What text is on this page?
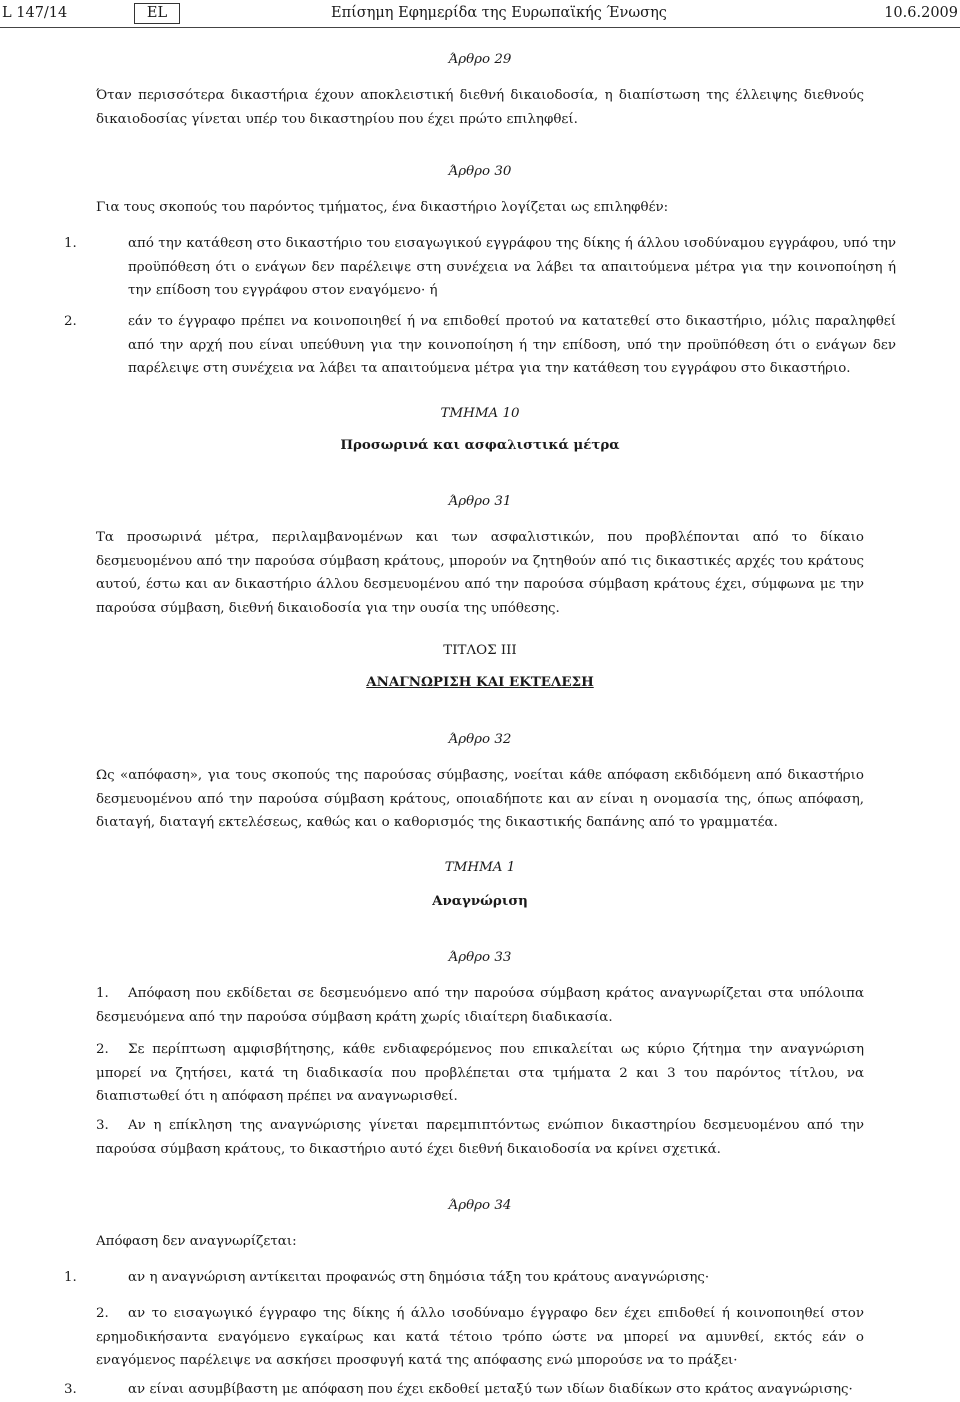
L 147/14	EL	Επίσημη Εφημερίδα της Ευρωπαϊκής Ένωσης	10.6.2009
Άρθρο 29
Όταν περισσότερα δικαστήρια έχουν αποκλειστική διεθνή δικαιοδοσία, η διαπίστωση της έλλειψης διεθνούς δικαιοδοσίας γίνεται υπέρ του δικαστηρίου που έχει πρώτο επιληφθεί.
Άρθρο 30
Για τους σκοπούς του παρόντος τμήματος, ένα δικαστήριο λογίζεται ως επιληφθέν:
1.	από την κατάθεση στο δικαστήριο του εισαγωγικού εγγράφου της δίκης ή άλλου ισοδύναμου εγγράφου, υπό την προϋπόθεση ότι ο ενάγων δεν παρέλειψε στη συνέχεια να λάβει τα απαιτούμενα μέτρα για την κοινοποίηση ή την επίδοση του εγγράφου στον εναγόμενο· ή
2.	εάν το έγγραφο πρέπει να κοινοποιηθεί ή να επιδοθεί προτού να κατατεθεί στο δικαστήριο, μόλις παραληφθεί από την αρχή που είναι υπεύθυνη για την κοινοποίηση ή την επίδοση, υπό την προϋπόθεση ότι ο ενάγων δεν παρέλειψε στη συνέχεια να λάβει τα απαιτούμενα μέτρα για την κατάθεση του εγγράφου στο δικαστήριο.
ΤΜΗΜΑ 10
Προσωρινά και ασφαλιστικά μέτρα
Άρθρο 31
Τα προσωρινά μέτρα, περιλαμβανομένων και των ασφαλιστικών, που προβλέπονται από το δίκαιο δεσμευομένου από την παρούσα σύμβαση κράτους, μπορούν να ζητηθούν από τις δικαστικές αρχές του κράτους αυτού, έστω και αν δικαστήριο άλλου δεσμευομένου από την παρούσα σύμβαση κράτους έχει, σύμφωνα με την παρούσα σύμβαση, διεθνή δικαιοδοσία για την ουσία της υπόθεσης.
ΤΙΤΛΟΣ III
ΑΝΑΓΝΩΡΙΣΗ ΚΑΙ ΕΚΤΕΛΕΣΗ
Άρθρο 32
Ως «απόφαση», για τους σκοπούς της παρούσας σύμβασης, νοείται κάθε απόφαση εκδιδόμενη από δικαστήριο δεσμευομένου από την παρούσα σύμβαση κράτους, οποιαδήποτε και αν είναι η ονομασία της, όπως απόφαση, διαταγή, διαταγή εκτελέσεως, καθώς και ο καθορισμός της δικαστικής δαπάνης από το γραμματέα.
ΤΜΗΜΑ 1
Αναγνώριση
Άρθρο 33
1. Απόφαση που εκδίδεται σε δεσμευόμενο από την παρούσα σύμβαση κράτος αναγνωρίζεται στα υπόλοιπα δεσμευόμενα από την παρούσα σύμβαση κράτη χωρίς ιδιαίτερη διαδικασία.
2. Σε περίπτωση αμφισβήτησης, κάθε ενδιαφερόμενος που επικαλείται ως κύριο ζήτημα την αναγνώριση μπορεί να ζητήσει, κατά τη διαδικασία που προβλέπεται στα τμήματα 2 και 3 του παρόντος τίτλου, να διαπιστωθεί ότι η απόφαση πρέπει να αναγνωρισθεί.
3. Αν η επίκληση της αναγνώρισης γίνεται παρεμπιπτόντως ενώπιον δικαστηρίου δεσμευομένου από την παρούσα σύμβαση κράτους, το δικαστήριο αυτό έχει διεθνή δικαιοδοσία να κρίνει σχετικά.
Άρθρο 34
Απόφαση δεν αναγνωρίζεται:
1.	αν η αναγνώριση αντίκειται προφανώς στη δημόσια τάξη του κράτους αναγνώρισης·
2. αν το εισαγωγικό έγγραφο της δίκης ή άλλο ισοδύναμο έγγραφο δεν έχει επιδοθεί ή κοινοποιηθεί στον ερημοδικήσαντα εναγόμενο εγκαίρως και κατά τέτοιο τρόπο ώστε να μπορεί να αμυνθεί, εκτός εάν ο εναγόμενος παρέλειψε να ασκήσει προσφυγή κατά της απόφασης ενώ μπορούσε να το πράξει·
3.	αν είναι ασυμβίβαστη με απόφαση που έχει εκδοθεί μεταξύ των ιδίων διαδίκων στο κράτος αναγνώρισης·
